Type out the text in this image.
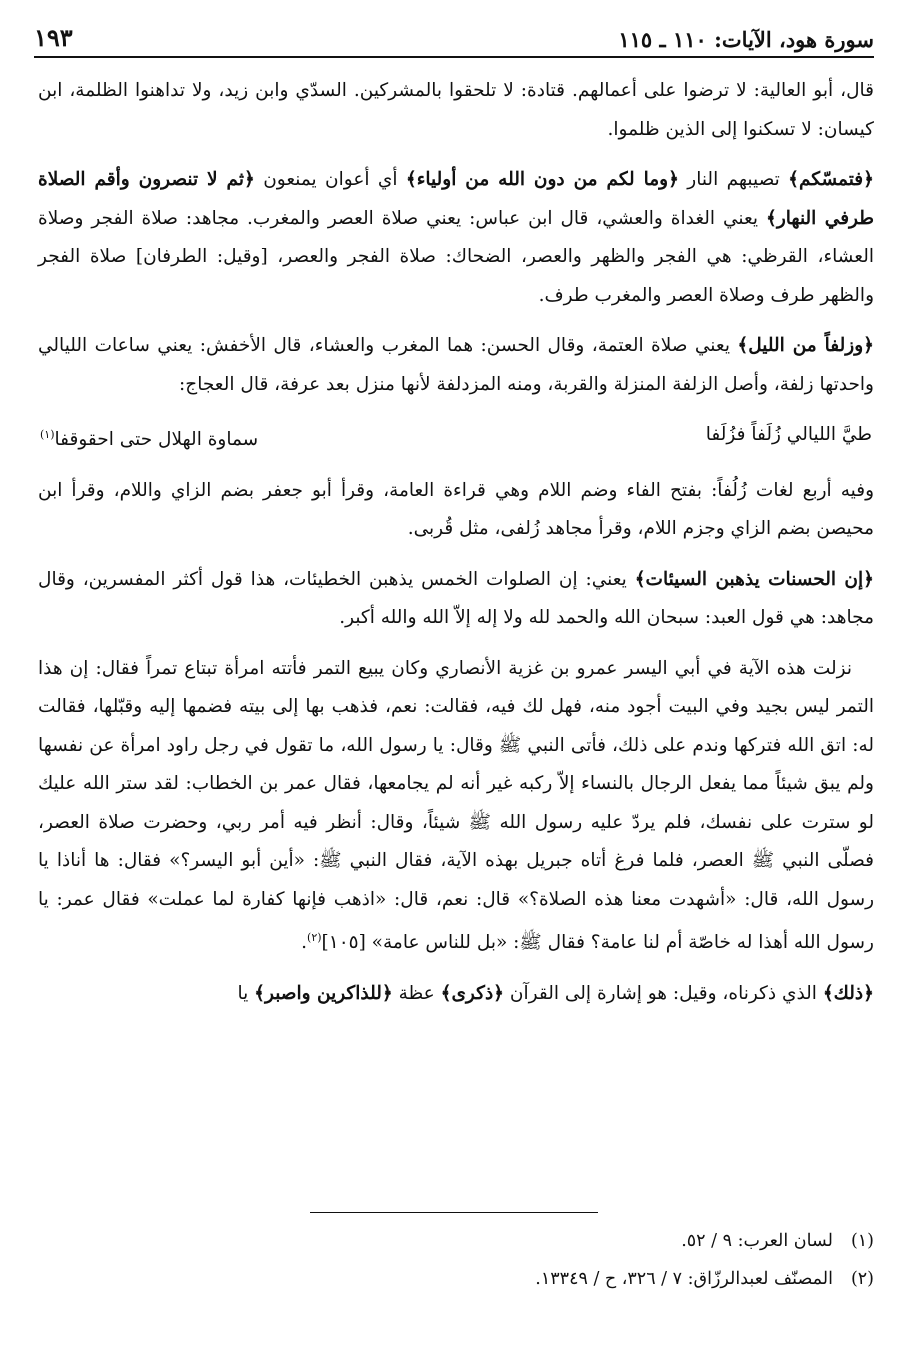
سورة هود، الآيات: ١١٠ ـ ١١٥
١٩٣

قال، أبو العالية: لا ترضوا على أعمالهم. قتادة: لا تلحقوا بالمشركين. السدّي وابن زيد، ولا تداهنوا الظلمة، ابن كيسان: لا تسكنوا إلى الذين ظلموا.

﴿فتمسّكم﴾ تصيبهم النار ﴿وما لكم من دون الله من أولياء﴾ أي أعوان يمنعون ﴿ثم لا تنصرون وأقم الصلاة طرفي النهار﴾ يعني الغداة والعشي، قال ابن عباس: يعني صلاة العصر والمغرب. مجاهد: صلاة الفجر وصلاة العشاء، القرظي: هي الفجر والظهر والعصر، الضحاك: صلاة الفجر والعصر، [وقيل: الطرفان] صلاة الفجر والظهر طرف وصلاة العصر والمغرب طرف.

﴿وزلفاً من الليل﴾ يعني صلاة العتمة، وقال الحسن: هما المغرب والعشاء، قال الأخفش: يعني ساعات الليالي واحدتها زلفة، وأصل الزلفة المنزلة والقربة، ومنه المزدلفة لأنها منزل بعد عرفة، قال العجاج:

طيَّ الليالي زُلَفاً فزُلَفا
سماوة الهلال حتى احقوقفا$^{(١)}$

وفيه أربع لغات زُلُفاً: بفتح الفاء وضم اللام وهي قراءة العامة، وقرأ أبو جعفر بضم الزاي واللام، وقرأ ابن محيصن بضم الزاي وجزم اللام، وقرأ مجاهد زُلفى، مثل قُربى.

﴿إن الحسنات يذهبن السيئات﴾ يعني: إن الصلوات الخمس يذهبن الخطيئات، هذا قول أكثر المفسرين، وقال مجاهد: هي قول العبد: سبحان الله والحمد لله ولا إله إلاّ الله والله أكبر.

نزلت هذه الآية في أبي اليسر عمرو بن غزية الأنصاري وكان يبيع التمر فأتته امرأة تبتاع تمراً فقال: إن هذا التمر ليس بجيد وفي البيت أجود منه، فهل لك فيه، فقالت: نعم، فذهب بها إلى بيته فضمها إليه وقبّلها، فقالت له: اتق الله فتركها وندم على ذلك، فأتى النبي ﷺ وقال: يا رسول الله، ما تقول في رجل راود امرأة عن نفسها ولم يبق شيئاً مما يفعل الرجال بالنساء إلاّ ركبه غير أنه لم يجامعها، فقال عمر بن الخطاب: لقد ستر الله عليك لو سترت على نفسك، فلم يردّ عليه رسول الله ﷺ شيئاً، وقال: أنظر فيه أمر ربي، وحضرت صلاة العصر، فصلّى النبي ﷺ العصر، فلما فرغ أتاه جبريل بهذه الآية، فقال النبي ﷺ: «أين أبو اليسر؟» فقال: ها أناذا يا رسول الله، قال: «أشهدت معنا هذه الصلاة؟» قال: نعم، قال: «اذهب فإنها كفارة لما عملت» فقال عمر: يا رسول الله أهذا له خاصّة أم لنا عامة؟ فقال ﷺ: «بل للناس عامة» [١٠٥]$^{(٢)}$.

﴿ذلك﴾ الذي ذكرناه، وقيل: هو إشارة إلى القرآن ﴿ذكرى﴾ عظة ﴿للذاكرين واصبر﴾ يا

(١)
لسان العرب: ٩ / ٥٢.
(٢)
المصنّف لعبدالرزّاق: ٧ / ٣٢٦، ح / ١٣٣٤٩.
